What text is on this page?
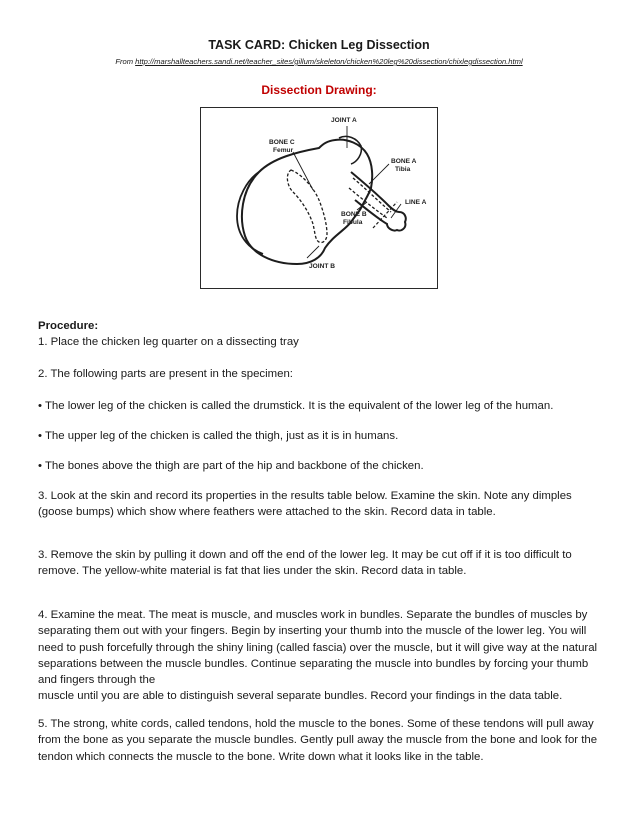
TASK CARD: Chicken Leg Dissection
From http://marshallteachers.sandi.net/teacher_sites/gillum/skeleton/chicken%20leg%20dissection/chixlegdissection.html
Dissection Drawing:
JOINT A
BONE C
Femur
BONE A
Tibia
LINE A
BONE B
Fibula
JOINT B

Procedure:

1. Place the chicken leg quarter on a dissecting tray

2. The following parts are present in the specimen:

• The lower leg of the chicken is called the drumstick. It is the equivalent of the lower leg of the human.

• The upper leg of the chicken is called the thigh, just as it is in humans.

• The bones above the thigh are part of the hip and backbone of the chicken.

3. Look at the skin and record its properties in the results table below. Examine the skin. Note any dimples (goose bumps) which show where feathers were attached to the skin. Record data in table.

3. Remove the skin by pulling it down and off the end of the lower leg. It may be cut off if it is too difficult to remove. The yellow-white material is fat that lies under the skin. Record data in table.

4. Examine the meat. The meat is muscle, and muscles work in bundles. Separate the bundles of muscles by separating them out with your fingers. Begin by inserting your thumb into the muscle of the lower leg. You will need to push forcefully through the shiny lining (called fascia) over the muscle, but it will give way at the natural separations between the muscle bundles. Continue separating the muscle into bundles by forcing your thumb and fingers through the

muscle until you are able to distinguish several separate bundles. Record your findings in the data table.

5. The strong, white cords, called tendons, hold the muscle to the bones. Some of these tendons will pull away from the bone as you separate the muscle bundles. Gently pull away the muscle from the bone and look for the tendon which connects the muscle to the bone. Write down what it looks like in the table.
